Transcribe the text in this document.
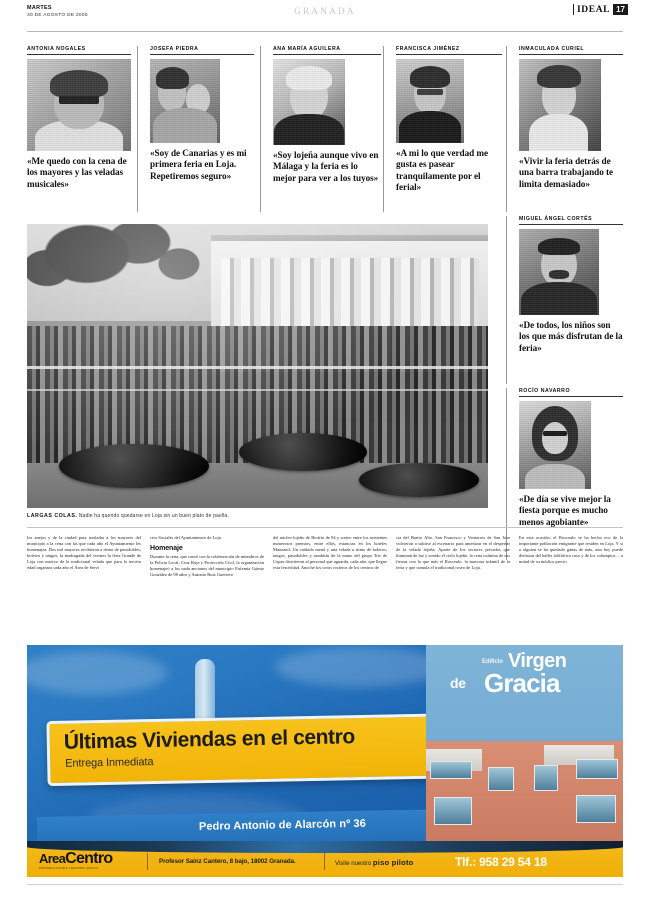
MARTES
30 DE AGOSTO DE 2005	GRANADA	IDEAL 17
ANTONIA NOGALES
«Me quedo con la cena de los mayores y las veladas musicales»
JOSEFA PIEDRA
«Soy de Canarias y es mi primera feria en Loja. Repetiremos seguro»
ANA MARÍA AGUILERA
«Soy lojeña aunque vivo en Málaga y la feria es lo mejor para ver a los tuyos»
FRANCISCA JIMÉNEZ
«A mi lo que verdad me gusta es pasear tranquilamente por el ferial»
INMACULADA CURIEL
«Vivir la feria detrás de una barra trabajando te limita demasiado»
MIGUEL ÁNGEL CORTÉS
«De todos, los niños son los que más disfrutan de la feria»
ROCÍO NAVARRO
«De día se vive mejor la fiesta porque es mucho menos agobiante»
LARGAS COLAS. Nadie ha querido quedarse en Loja sin un buen plato de paella.

los anejos y de la ciudad para trasladar a los mayores del municipio a la cena con las que cada año el Ayuntamiento les homenajea. Dos mil mayores recibieron a ritmo de pasodobles, boleros y tangos, la madrugada del viernes la feria Grande de Loja con motivo de la tradicional velada que para la tercera edad organiza cada año el Área de Servi

cios Sociales del Ayuntamiento de Loja.

Homenaje

Durante la cena, que contó con la colaboración de miembros de la Policía Local, Cruz Roja y Protección Civil, la organización homenajeó a los nada ancianos del municipio Eufemia Gómiz González de 98 años y Antonio Ruiz Guerrero

del núcleo lojeño de Riofrío de 94 y sorteo entre los asistentes numerosos premios, entre ellos, estancias en los hoteles Manzanil. Un cuidado menú y una velada a ritmo de boleros, tangos, pasodobles y rumbitas de la mano del grupo Tris de Copas divirtieron al personal que aguarda, cada año, que llegue esta festividad. Anoche los coros rocieros de los centros de

cia del Barrio Alto, San Francisco y Ventorros de San Jose volvieron a subirse al escenario para amenizar en el despertar de la velada lojeña. Aparte de los sectores privados que iluminan de luz y sonido el cielo lojeño, la cena culmina de sus fiestas con la que más el Rosceulo, la mascota infantil de la feria y que cumula el tradicional roseo de Loja.

En esta ocasión, el Rosceulo se ha hecho eco de la importante población emigrante que residen en Loja. Y si a alguien se ha quedado ganas de más, aún hoy puede disfrutar del ballet folklórico ruso y de los columpios… a mitad de su módico precio.

Últimas Viviendas en el centro
Entrega Inmediata
Pedro Antonio de Alarcón nº 36
Edificio Virgen
de Gracia
AreaCentro
PROMOCIONES INMOBILIARIAS
Profesor Sainz Cantero, 8 bajo, 18002 Granada.	Visite nuestro piso piloto	Tlf.: 958 29 54 18
